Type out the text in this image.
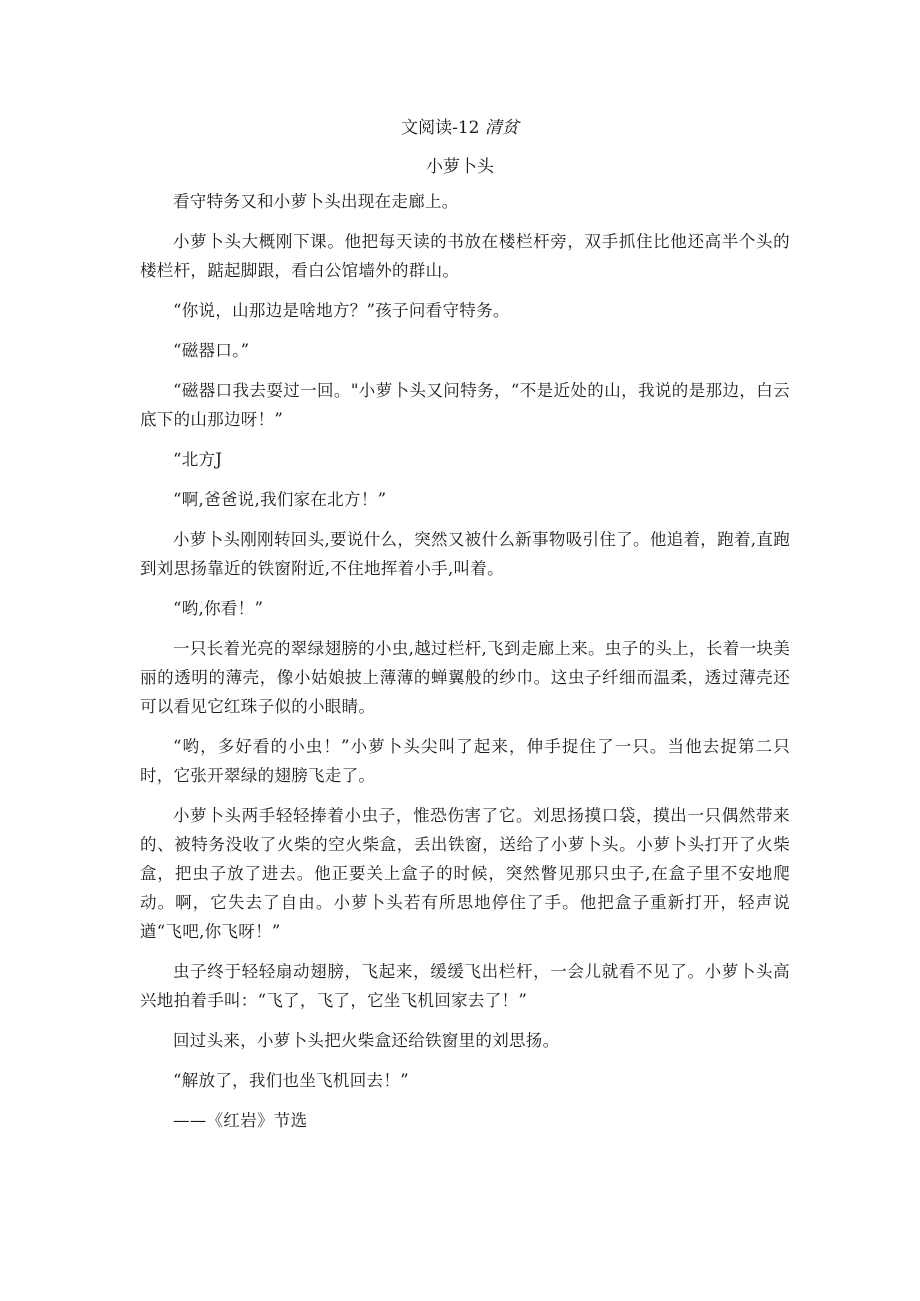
文阅读-12 清贫
小萝卜头

看守特务又和小萝卜头出现在走廊上。

小萝卜头大概刚下课。他把每天读的书放在楼栏杆旁，双手抓住比他还高半个头的楼栏杆，踮起脚跟，看白公馆墙外的群山。

“你说，山那边是啥地方？”孩子问看守特务。

“磁器口。”

“磁器口我去耍过一回。"小萝卜头又问特务，“不是近处的山，我说的是那边，白云底下的山那边呀！”

“北方J

“啊,爸爸说,我们家在北方！”

小萝卜头刚刚转回头,要说什么，突然又被什么新事物吸引住了。他追着，跑着,直跑到刘思扬靠近的铁窗附近,不住地挥着小手,叫着。

“哟,你看！”

一只长着光亮的翠绿翅膀的小虫,越过栏杆,飞到走廊上来。虫子的头上，长着一块美丽的透明的薄壳，像小姑娘披上薄薄的蝉翼般的纱巾。这虫子纤细而温柔，透过薄壳还可以看见它红珠子似的小眼睛。

“哟，多好看的小虫！”小萝卜头尖叫了起来，伸手捉住了一只。当他去捉第二只时，它张开翠绿的翅膀飞走了。

小萝卜头两手轻轻捧着小虫子，惟恐伤害了它。刘思扬摸口袋，摸出一只偶然带来的、被特务没收了火柴的空火柴盒，丢出铁窗，送给了小萝卜头。小萝卜头打开了火柴盒，把虫子放了进去。他正要关上盒子的时候，突然瞥见那只虫子,在盒子里不安地爬动。啊，它失去了自由。小萝卜头若有所思地停住了手。他把盒子重新打开，轻声说遒“飞吧,你飞呀！”

虫子终于轻轻扇动翅膀，飞起来，缓缓飞出栏杆，一会儿就看不见了。小萝卜头高兴地拍着手叫：“飞了，飞了，它坐飞机回家去了！”

回过头来，小萝卜头把火柴盒还给铁窗里的刘思扬。

“解放了，我们也坐飞机回去！”

——《红岩》节选
